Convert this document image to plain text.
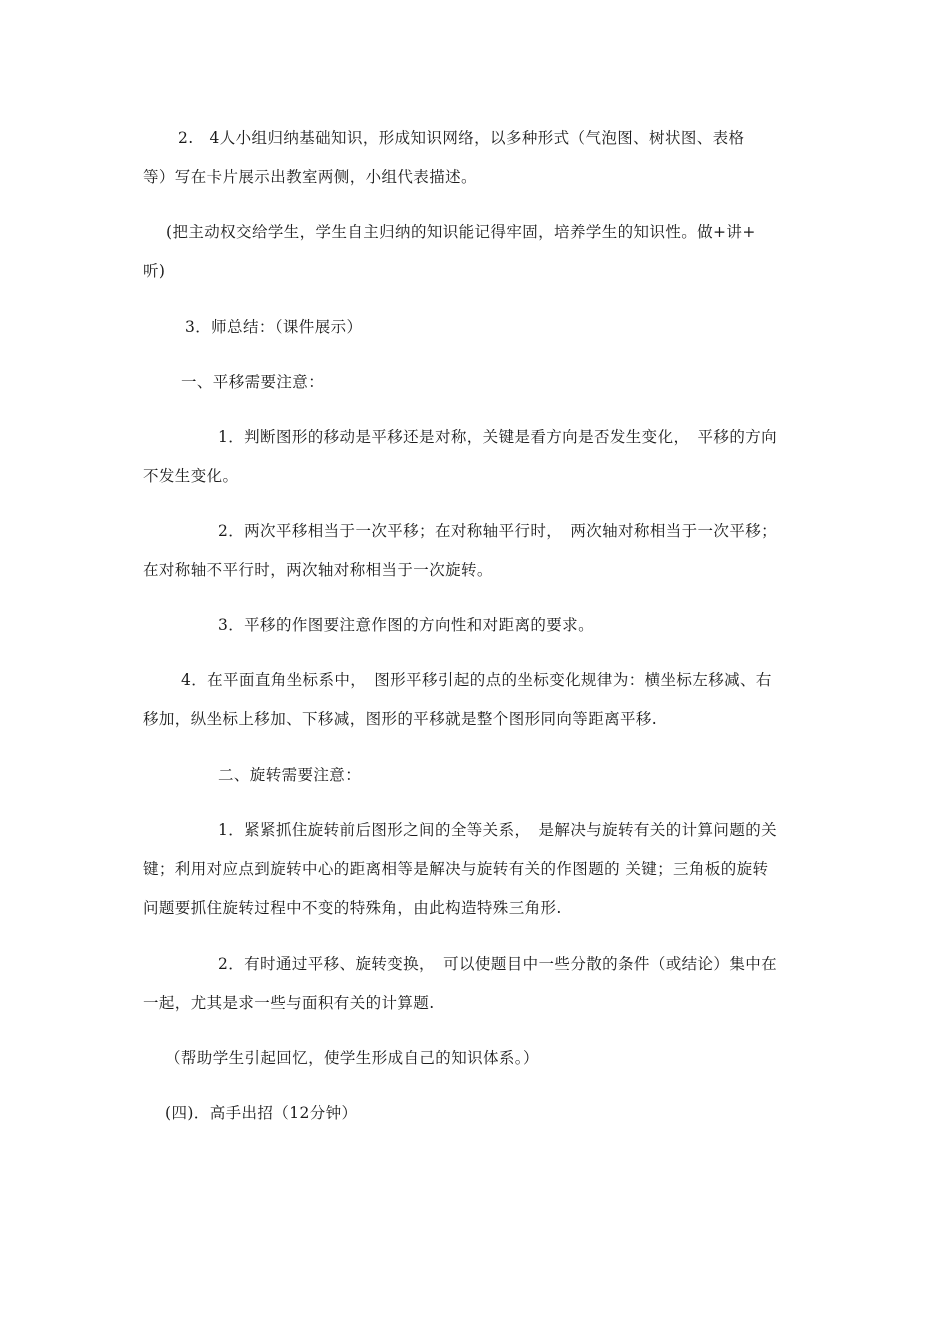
2.　4人小组归纳基础知识，形成知识网络，以多种形式（气泡图、树状图、表格
等）写在卡片展示出教室两侧，小组代表描述。
(把主动权交给学生，学生自主归纳的知识能记得牢固，培养学生的知识性。做+讲+
听)
3．师总结：（课件展示）
一、平移需要注意：
1．判断图形的移动是平移还是对称，关键是看方向是否发生变化，　平移的方向
不发生变化。
2．两次平移相当于一次平移；在对称轴平行时，　两次轴对称相当于一次平移；
在对称轴不平行时，两次轴对称相当于一次旋转。
3．平移的作图要注意作图的方向性和对距离的要求。
4．在平面直角坐标系中，　图形平移引起的点的坐标变化规律为：横坐标左移减、右
移加，纵坐标上移加、下移减，图形的平移就是整个图形同向等距离平移.
二、旋转需要注意：
1．紧紧抓住旋转前后图形之间的全等关系，　是解决与旋转有关的计算问题的关
键；利用对应点到旋转中心的距离相等是解决与旋转有关的作图题的 关键；三角板的旋转
问题要抓住旋转过程中不变的特殊角，由此构造特殊三角形.
2．有时通过平移、旋转变换，　可以使题目中一些分散的条件（或结论）集中在
一起，尤其是求一些与面积有关的计算题.
（帮助学生引起回忆，使学生形成自己的知识体系。）
(四)．高手出招（12分钟）
